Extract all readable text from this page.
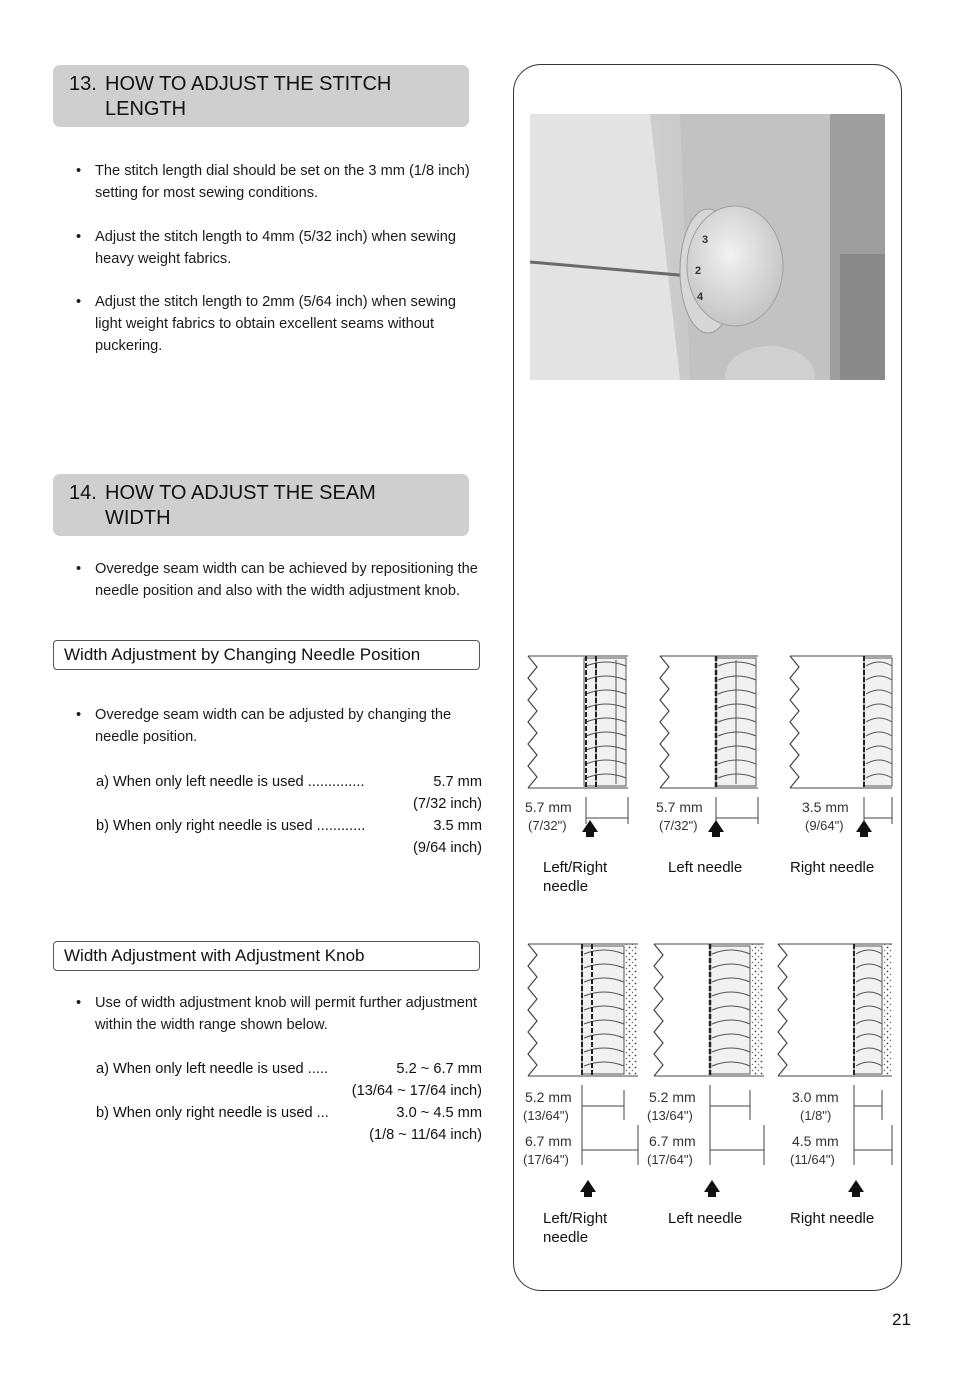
13. HOW TO ADJUST THE STITCH
LENGTH
• The stitch length dial should be set on the 3 mm (1/8 inch) setting for most sewing conditions.
• Adjust the stitch length to 4mm (5/32 inch) when sewing heavy weight fabrics.
• Adjust the stitch length to 2mm (5/64 inch) when sewing light weight fabrics to obtain excellent seams without puckering.
14. HOW TO ADJUST THE SEAM
WIDTH
• Overedge seam width can be achieved by repositioning the needle position and also with the width adjustment knob.
Width Adjustment by Changing Needle Position
• Overedge seam width can be adjusted by changing the needle position.
a) When only left needle is used ..............	5.7 mm
(7/32 inch)
b) When only right needle is used ............	3.5 mm
(9/64 inch)
Width Adjustment with Adjustment Knob
• Use of width adjustment knob will permit further adjustment within the width range shown below.
a) When only left needle is used .....	5.2 ~ 6.7 mm
(13/64 ~ 17/64 inch)
b) When only right needle is used ...	3.0 ~ 4.5 mm
(1/8 ~ 11/64 inch)
3
2
4
5.7 mm
(7/32")
5.7 mm
(7/32")
3.5 mm
(9/64")
Left/Right needle
Left needle	Right needle
5.2 mm
(13/64")
6.7 mm
(17/64")
5.2 mm
(13/64")
6.7 mm
(17/64")
3.0 mm
(1/8")
4.5 mm
(11/64")
Left/Right needle
Left needle	Right needle
21
